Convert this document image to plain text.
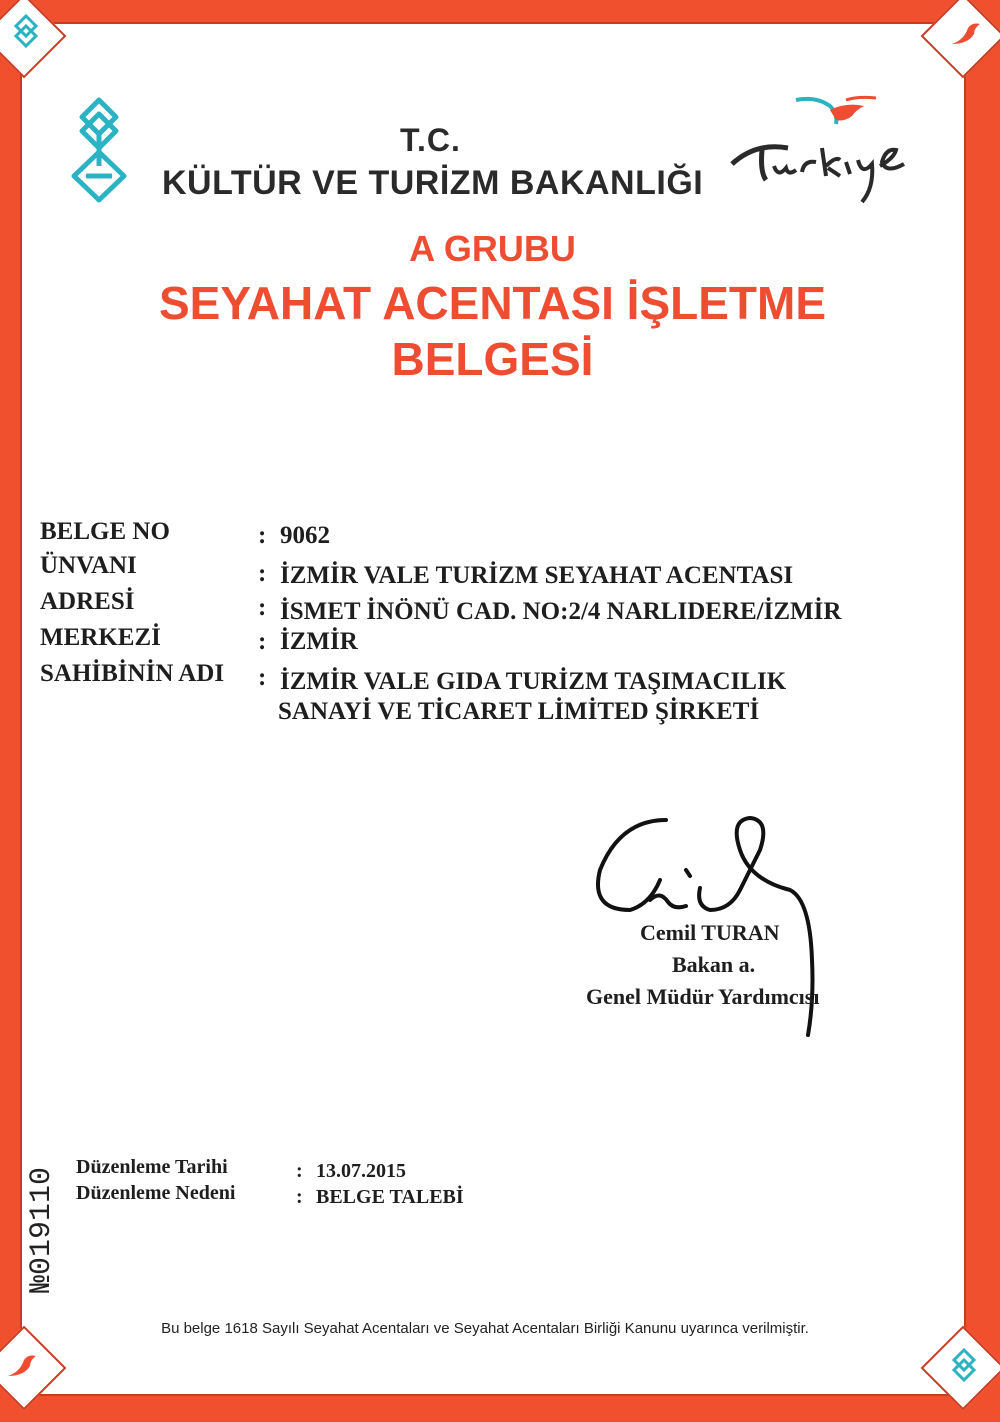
T.C.
KÜLTÜR VE TURİZM BAKANLIĞI
A GRUBU
SEYAHAT ACENTASI İŞLETME
BELGESİ
BELGE NO	: 9062
ÜNVANI	: İZMİR VALE TURİZM SEYAHAT ACENTASI
ADRESİ	: İSMET İNÖNÜ CAD. NO:2/4 NARLIDERE/İZMİR
MERKEZİ	: İZMİR
SAHİBİNİN ADI : İZMİR VALE GIDA TURİZM TAŞIMACILIK
SANAYİ VE TİCARET LİMİTED ŞİRKETİ
Cemil TURAN
Bakan a.
Genel Müdür Yardımcısı
№019110 Düzenleme Tarihi	: 13.07.2015
Düzenleme Nedeni	: BELGE TALEBİ
Bu belge 1618 Sayılı Seyahat Acentaları ve Seyahat Acentaları Birliği Kanunu uyarınca verilmiştir.
